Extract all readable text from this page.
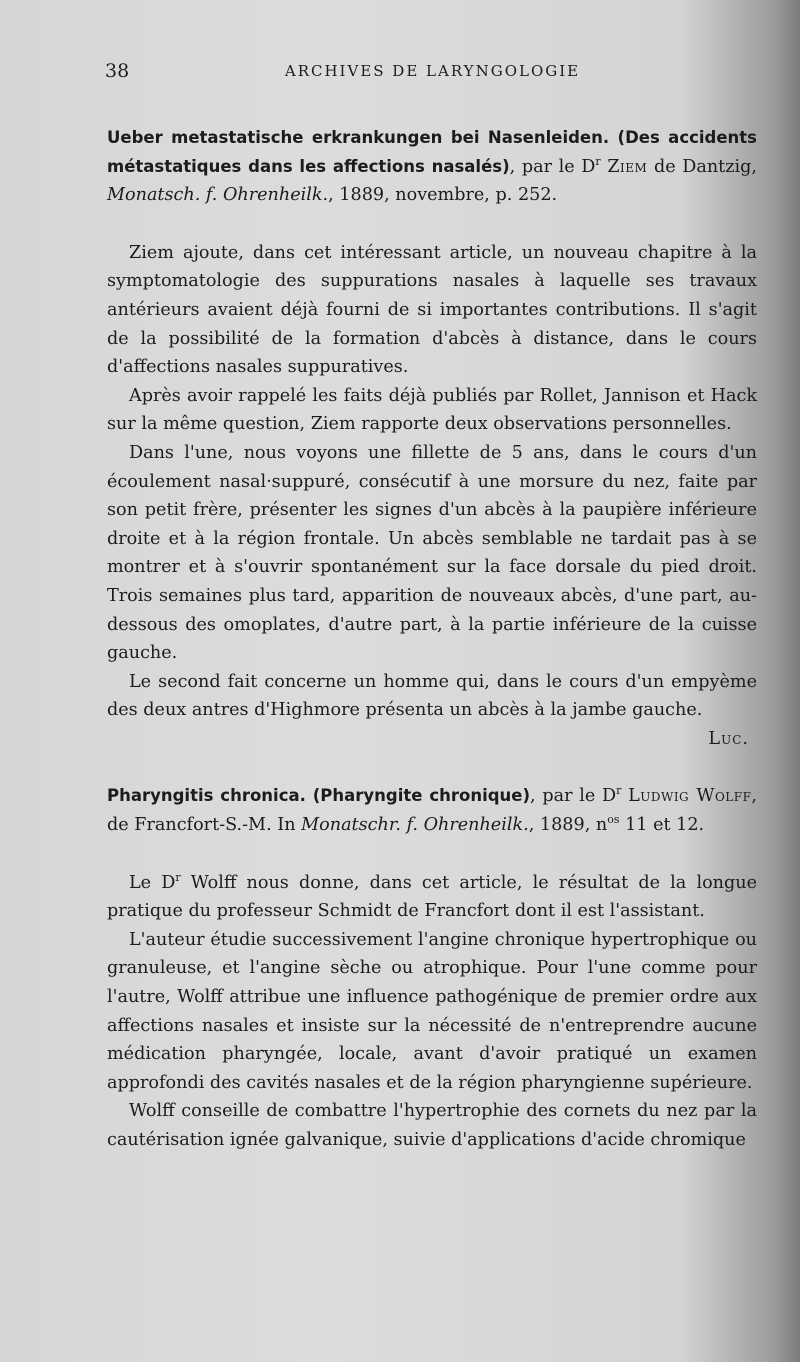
38	ARCHIVES DE LARYNGOLOGIE

Ueber metastatische erkrankungen bei Nasenleiden. (Des accidents métastatiques dans les affections nasalés), par le $D^r$ Ziem de Dantzig, Monatsch. f. Ohrenheilk., 1889, novembre, p. 252.

Ziem ajoute, dans cet intéressant article, un nouveau chapitre à la symptomatologie des suppurations nasales à laquelle ses travaux antérieurs avaient déjà fourni de si importantes contributions. Il s'agit de la possibilité de la formation d'abcès à distance, dans le cours d'affections nasales suppuratives.

Après avoir rappelé les faits déjà publiés par Rollet, Jannison et Hack sur la même question, Ziem rapporte deux observations personnelles.

Dans l'une, nous voyons une fillette de 5 ans, dans le cours d'un écoulement nasal·suppuré, consécutif à une morsure du nez, faite par son petit frère, présenter les signes d'un abcès à la paupière inférieure droite et à la région frontale. Un abcès semblable ne tardait pas à se montrer et à s'ouvrir spontanément sur la face dorsale du pied droit. Trois semaines plus tard, apparition de nouveaux abcès, d'une part, au-dessous des omoplates, d'autre part, à la partie inférieure de la cuisse gauche.

Le second fait concerne un homme qui, dans le cours d'un empyème des deux antres d'Highmore présenta un abcès à la jambe gauche.

Luc.

Pharyngitis chronica. (Pharyngite chronique), par le $D^r$ Ludwig Wolff, de Francfort-S.-M. In Monatschr. f. Ohrenheilk., 1889, $n^{os}$ 11 et 12.

Le $D^r$ Wolff nous donne, dans cet article, le résultat de la longue pratique du professeur Schmidt de Francfort dont il est l'assistant.

L'auteur étudie successivement l'angine chronique hypertrophique ou granuleuse, et l'angine sèche ou atrophique. Pour l'une comme pour l'autre, Wolff attribue une influence pathogénique de premier ordre aux affections nasales et insiste sur la nécessité de n'entreprendre aucune médication pharyngée, locale, avant d'avoir pratiqué un examen approfondi des cavités nasales et de la région pharyngienne supérieure.

Wolff conseille de combattre l'hypertrophie des cornets du nez par la cautérisation ignée galvanique, suivie d'applications d'acide chromique
